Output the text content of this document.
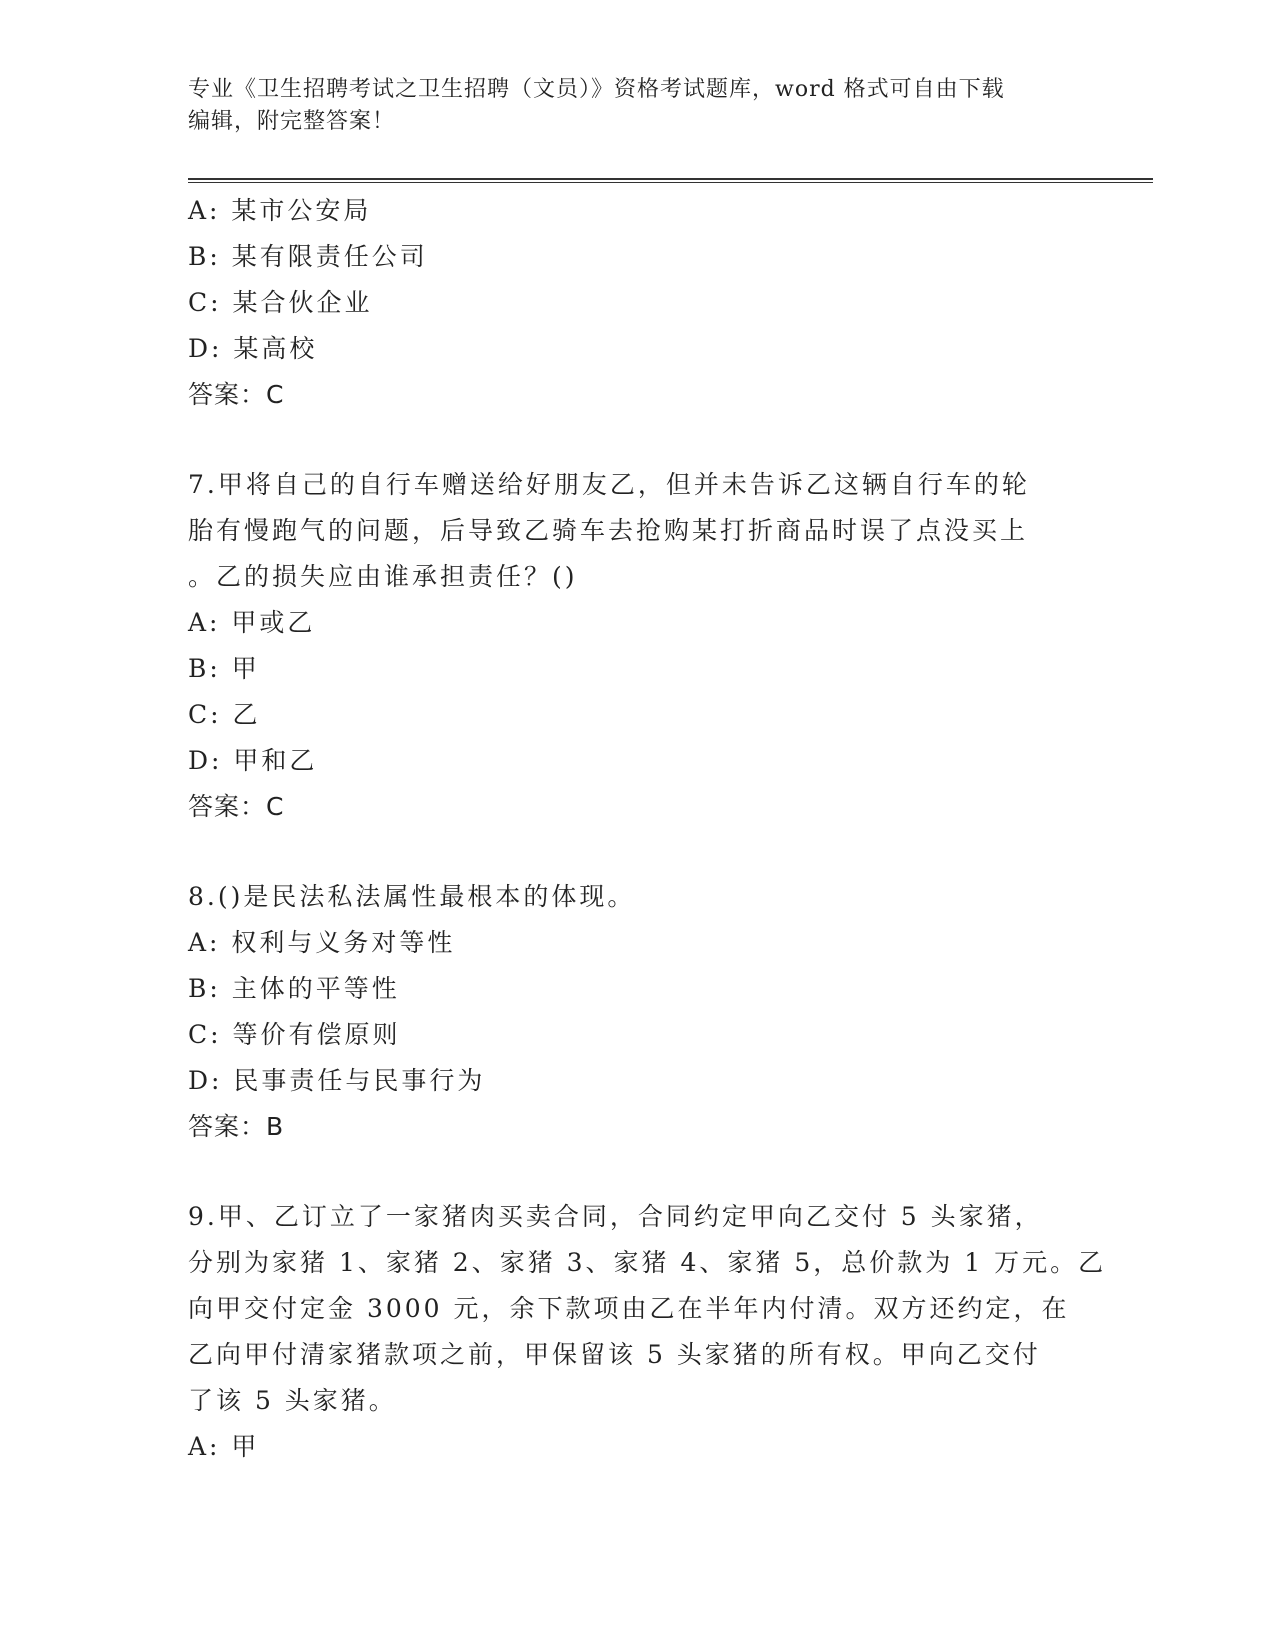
专业《卫生招聘考试之卫生招聘（文员）》资格考试题库，word 格式可自由下载
编辑，附完整答案！
A: 某市公安局
B: 某有限责任公司
C: 某合伙企业
D: 某高校
答案：C
7.甲将自己的自行车赠送给好朋友乙，但并未告诉乙这辆自行车的轮
胎有慢跑气的问题，后导致乙骑车去抢购某打折商品时误了点没买上
。乙的损失应由谁承担责任？()
A: 甲或乙
B: 甲
C: 乙
D: 甲和乙
答案：C
8.()是民法私法属性最根本的体现。
A: 权利与义务对等性
B: 主体的平等性
C: 等价有偿原则
D: 民事责任与民事行为
答案：B
9.甲、乙订立了一家猪肉买卖合同，合同约定甲向乙交付 5 头家猪，
分别为家猪 1、家猪 2、家猪 3、家猪 4、家猪 5，总价款为 1 万元。乙
向甲交付定金 3000 元，余下款项由乙在半年内付清。双方还约定，在
乙向甲付清家猪款项之前，甲保留该 5 头家猪的所有权。甲向乙交付
了该 5 头家猪。
A: 甲
